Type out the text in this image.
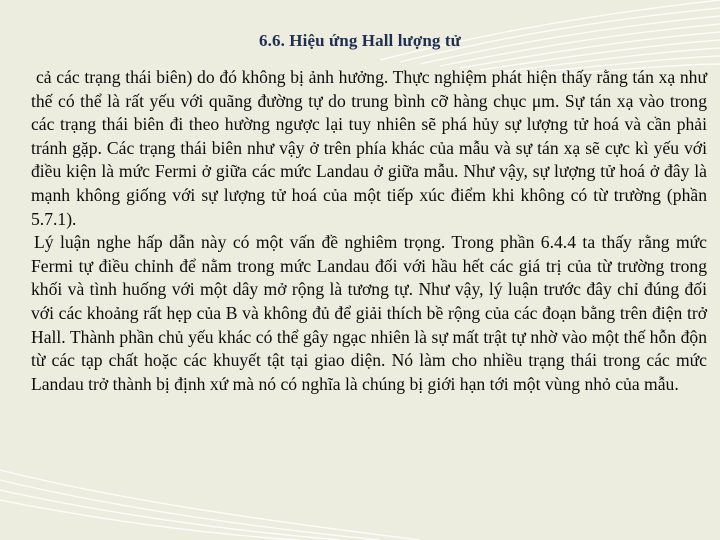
6.6. Hiệu ứng Hall lượng tử

cả các trạng thái biên) do đó không bị ảnh hưởng. Thực nghiệm phát hiện thấy rằng tán xạ như thế có thể là rất yếu với quãng đường tự do trung bình cỡ hàng chục μm. Sự tán xạ vào trong các trạng thái biên đi theo hường ngược lại tuy nhiên sẽ phá hủy sự lượng tử hoá và cần phải tránh gặp. Các trạng thái biên như vậy ở trên phía khác của mẫu và sự tán xạ sẽ cực kì yếu với điều kiện là mức Fermi ở giữa các mức Landau ở giữa mẫu. Như vậy, sự lượng tử hoá ở đây là mạnh không giống với sự lượng tử hoá của một tiếp xúc điểm khi không có từ trường (phần 5.7.1).

Lý luận nghe hấp dẫn này có một vấn đề nghiêm trọng. Trong phần 6.4.4 ta thấy rằng mức Fermi tự điều chỉnh để nằm trong mức Landau đối với hầu hết các giá trị của từ trường trong khối và tình huống với một dây mở rộng là tương tự. Như vậy, lý luận trước đây chỉ đúng đối với các khoảng rất hẹp của B và không đủ để giải thích bề rộng của các đoạn bằng trên điện trở Hall. Thành phần chủ yếu khác có thể gây ngạc nhiên là sự mất trật tự nhờ vào một thế hỗn độn từ các tạp chất hoặc các khuyết tật tại giao diện. Nó làm cho nhiều trạng thái trong các mức Landau trở thành bị định xứ mà nó có nghĩa là chúng bị giới hạn tới một vùng nhỏ của mẫu.
